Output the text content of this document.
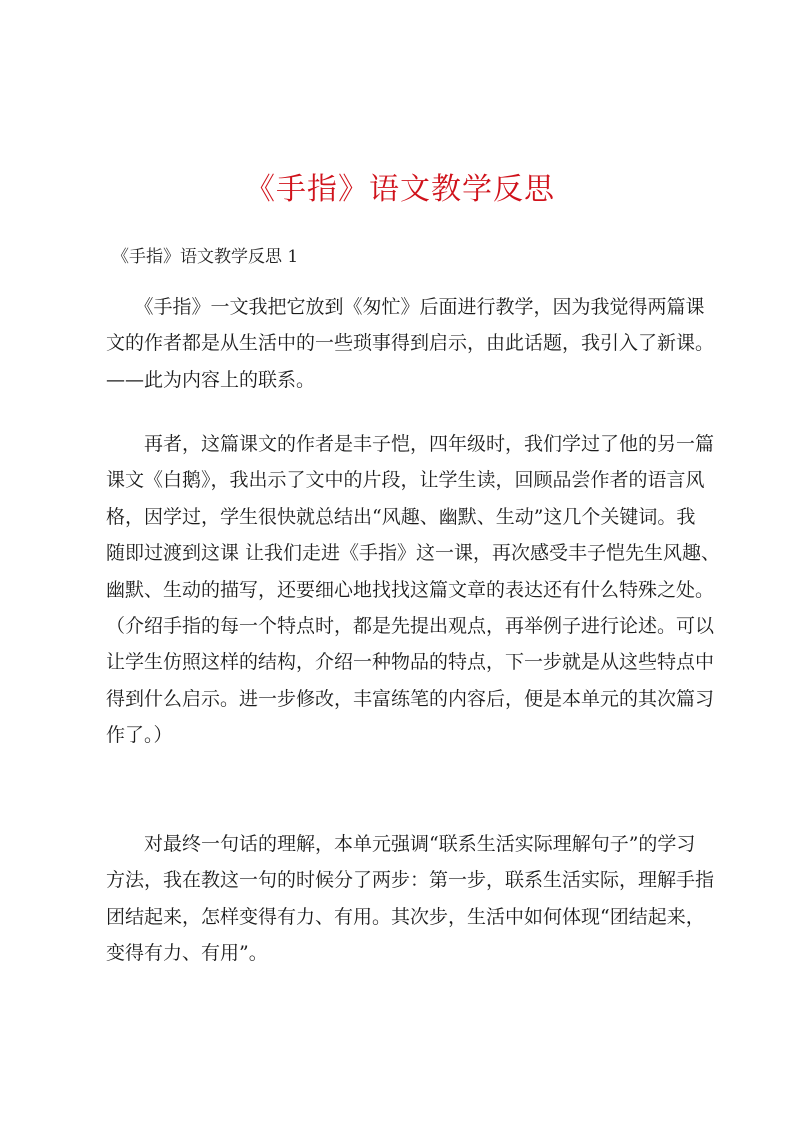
《手指》语文教学反思
《手指》语文教学反思 1
　　《手指》一文我把它放到《匆忙》后面进行教学，因为我觉得两篇课
文的作者都是从生活中的一些琐事得到启示，由此话题，我引入了新课。
——此为内容上的联系。
　　再者，这篇课文的作者是丰子恺，四年级时，我们学过了他的另一篇
课文《白鹅》，我出示了文中的片段，让学生读，回顾品尝作者的语言风
格，因学过，学生很快就总结出“风趣、幽默、生动”这几个关键词。我
随即过渡到这课 让我们走进《手指》这一课，再次感受丰子恺先生风趣、
幽默、生动的描写，还要细心地找找这篇文章的表达还有什么特殊之处。
（介绍手指的每一个特点时，都是先提出观点，再举例子进行论述。可以
让学生仿照这样的结构，介绍一种物品的特点，下一步就是从这些特点中
得到什么启示。进一步修改，丰富练笔的内容后，便是本单元的其次篇习
作了。）
　　对最终一句话的理解，本单元强调“联系生活实际理解句子”的学习
方法，我在教这一句的时候分了两步：第一步，联系生活实际，理解手指
团结起来，怎样变得有力、有用。其次步，生活中如何体现“团结起来，
变得有力、有用”。
